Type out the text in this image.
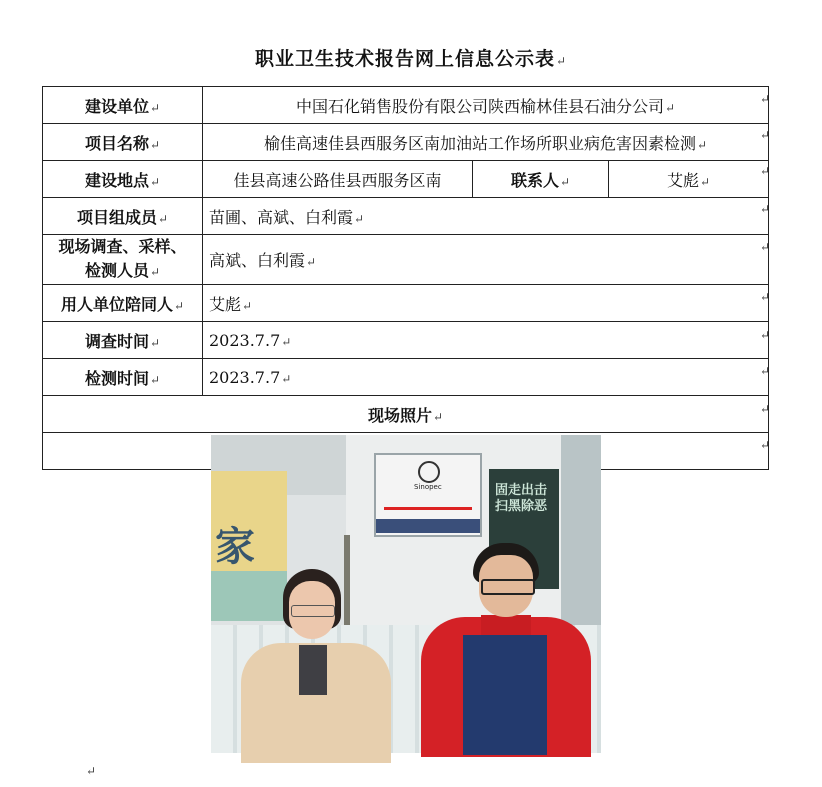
职业卫生技术报告网上信息公示表↵
建设单位↵	中国石化销售股份有限公司陕西榆林佳县石油分公司↵		
项目名称↵	榆佳高速佳县西服务区南加油站工作场所职业病危害因素检测↵		
建设地点↵	佳县高速公路佳县西服务区南	联系人↵	艾彪↵
项目组成员↵	苗圃、高斌、白利霞↵		
现场调查、采样、
检测人员↵	高斌、白利霞↵		
用人单位陪同人↵	艾彪↵		
调查时间↵	2023.7.7↵		
检测时间↵	2023.7.7↵		
现场照片↵			

家
Sinopec 固走出击
扫黑除恶			
↵
↵
↵
↵
↵
↵
↵
↵
↵
↵
↵
